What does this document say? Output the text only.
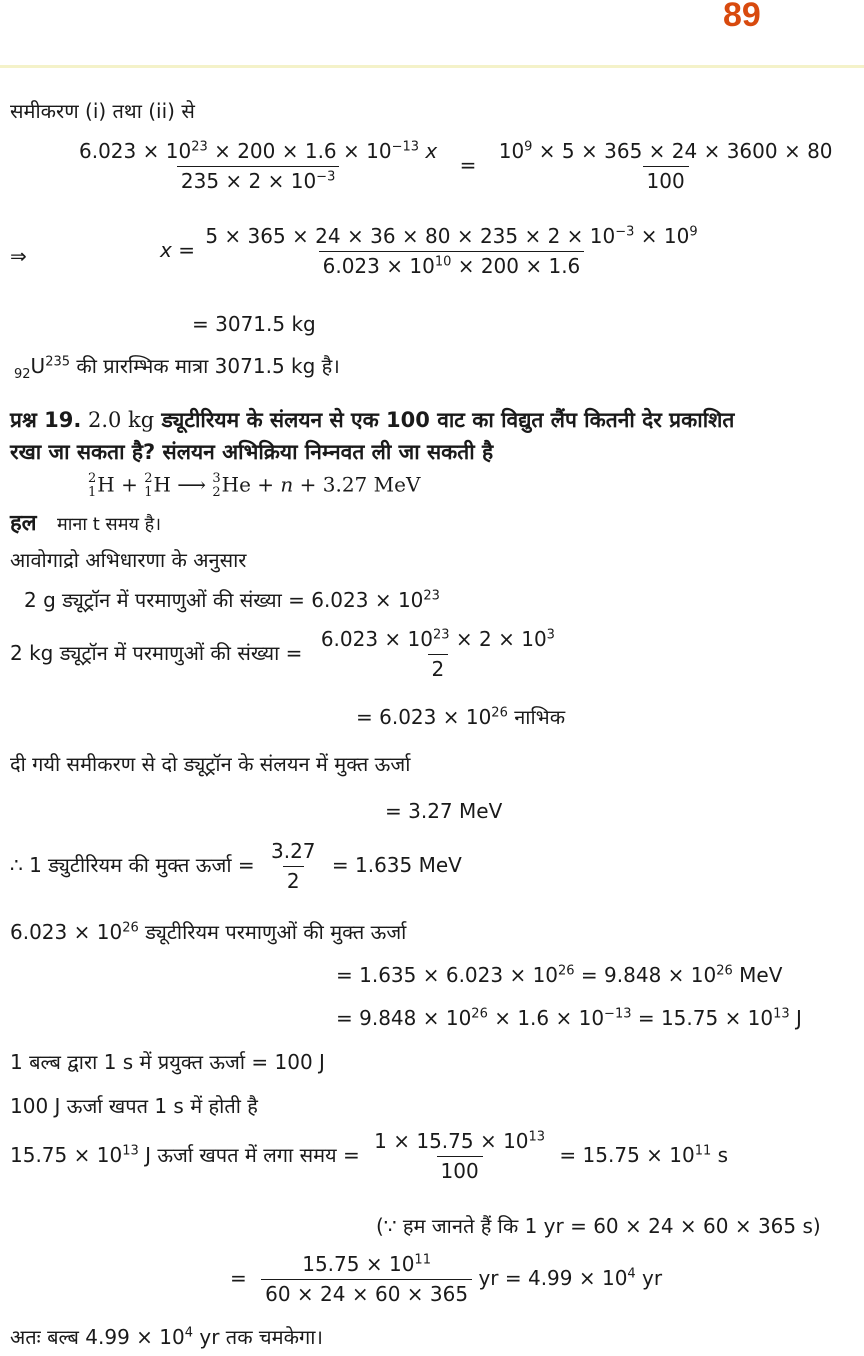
89
समीकरण (i) तथा (ii) से
$\frac{6.023 \times 10^{23} \times 200 \times 1.6 \times 10^{-13} x}{235 \times 2 \times 10^{-3}} = \frac{10^9 \times 5 \times 365 \times 24 \times 3600 \times 80}{100}$
⇒	$x = \frac{5 \times 365 \times 24 \times 36 \times 80 \times 235 \times 2 \times 10^{-3} \times 10^9}{6.023 \times 10^{10} \times 200 \times 1.6}$
= 3071.5 kg
$_{92}U^{235}$ की प्रारम्भिक मात्रा 3071.5 kg है।
प्रश्न 19. 2.0 kg ड्यूटीरियम के संलयन से एक 100 वाट का विद्युत लैंप कितनी देर प्रकाशित
रखा जा सकता है? संलयन अभिक्रिया निम्नवत ली जा सकती है
2
1 H + 2
1 H ⟶ 3
2 He + n + 3.27 MeV
हल माना t समय है।
आवोगाद्रो अभिधारणा के अनुसार
2 g ड्यूट्रॉन में परमाणुओं की संख्या = $6.023 \times 10^{23}$
2 kg ड्यूट्रॉन में परमाणुओं की संख्या = $\frac{6.023 \times 10^{23} \times 2 \times 10^3}{2}$
= $6.023 \times 10^{26}$ नाभिक
दी गयी समीकरण से दो ड्यूट्रॉन के संलयन में मुक्त ऊर्जा
= 3.27 MeV
∴ 1 ड्युटीरियम की मुक्त ऊर्जा = $\frac{3.27}{2} = 1.635$ MeV
$6.023 \times 10^{26}$ ड्यूटीरियम परमाणुओं की मुक्त ऊर्जा
= $1.635 \times 6.023 \times 10^{26} = 9.848 \times 10^{26}$ MeV
= $9.848 \times 10^{26} \times 1.6 \times 10^{-13} = 15.75 \times 10^{13}$ J
1 बल्ब द्वारा 1 s में प्रयुक्त ऊर्जा = 100 J
100 J ऊर्जा खपत 1 s में होती है
$15.75 \times 10^{13}$ J ऊर्जा खपत में लगा समय = $\frac{1 \times 15.75 \times 10^{13}}{100} = 15.75 \times 10^{11}$ s
(∵ हम जानते हैं कि 1 yr = 60 × 24 × 60 × 365 s)
= $\frac{15.75 \times 10^{11}}{60 \times 24 \times 60 \times 365}$ yr = $4.99 \times 10^4$ yr
अतः बल्ब $4.99 \times 10^4$ yr तक चमकेगा।
